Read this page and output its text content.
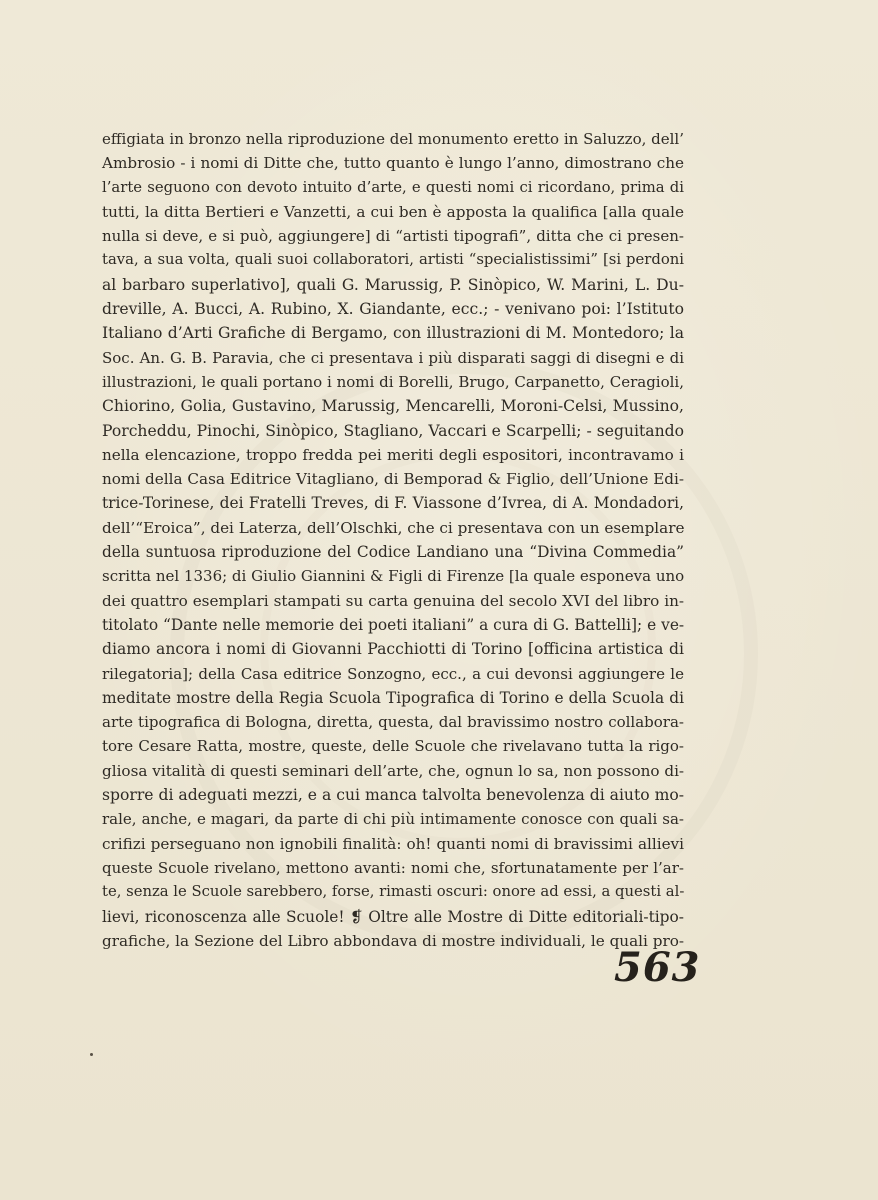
effigiata in bronzo nella riproduzione del monumento eretto in Saluzzo, dell’
Ambrosio - i nomi di Ditte che, tutto quanto è lungo l’anno, dimostrano che
l’arte seguono con devoto intuito d’arte, e questi nomi ci ricordano, prima di
tutti, la ditta Bertieri e Vanzetti, a cui ben è apposta la qualifica [alla quale
nulla si deve, e si può, aggiungere] di “artisti tipografi”, ditta che ci presen-
tava, a sua volta, quali suoi collaboratori, artisti “specialistissimi” [si perdoni
al barbaro superlativo], quali G. Marussig, P. Sinòpico, W. Marini, L. Du-
dreville, A. Bucci, A. Rubino, X. Giandante, ecc.; - venivano poi: l’Istituto
Italiano d’Arti Grafiche di Bergamo, con illustrazioni di M. Montedoro; la
Soc. An. G. B. Paravia, che ci presentava i più disparati saggi di disegni e di
illustrazioni, le quali portano i nomi di Borelli, Brugo, Carpanetto, Ceragioli,
Chiorino, Golia, Gustavino, Marussig, Mencarelli, Moroni-Celsi, Mussino,
Porcheddu, Pinochi, Sinòpico, Stagliano, Vaccari e Scarpelli; - seguitando
nella elencazione, troppo fredda pei meriti degli espositori, incontravamo i
nomi della Casa Editrice Vitagliano, di Bemporad & Figlio, dell’Unione Edi-
trice-Torinese, dei Fratelli Treves, di F. Viassone d’Ivrea, di A. Mondadori,
dell’“Eroica”, dei Laterza, dell’Olschki, che ci presentava con un esemplare
della suntuosa riproduzione del Codice Landiano una “Divina Commedia”
scritta nel 1336; di Giulio Giannini & Figli di Firenze [la quale esponeva uno
dei quattro esemplari stampati su carta genuina del secolo XVI del libro in-
titolato “Dante nelle memorie dei poeti italiani” a cura di G. Battelli]; e ve-
diamo ancora i nomi di Giovanni Pacchiotti di Torino [officina artistica di
rilegatoria]; della Casa editrice Sonzogno, ecc., a cui devonsi aggiungere le
meditate mostre della Regia Scuola Tipografica di Torino e della Scuola di
arte tipografica di Bologna, diretta, questa, dal bravissimo nostro collabora-
tore Cesare Ratta, mostre, queste, delle Scuole che rivelavano tutta la rigo-
gliosa vitalità di questi seminari dell’arte, che, ognun lo sa, non possono di-
sporre di adeguati mezzi, e a cui manca talvolta benevolenza di aiuto mo-
rale, anche, e magari, da parte di chi più intimamente conosce con quali sa-
crifizi perseguano non ignobili finalità: oh! quanti nomi di bravissimi allievi
queste Scuole rivelano, mettono avanti: nomi che, sfortunatamente per l’ar-
te, senza le Scuole sarebbero, forse, rimasti oscuri: onore ad essi, a questi al-
lievi, riconoscenza alle Scuole! ❡ Oltre alle Mostre di Ditte editoriali-tipo-
grafiche, la Sezione del Libro abbondava di mostre individuali, le quali pro-
563
